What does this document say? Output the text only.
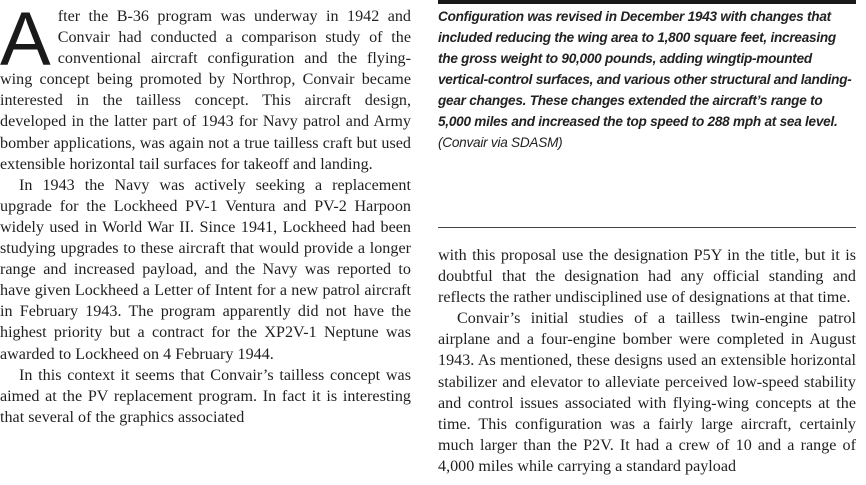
After the B-36 program was underway in 1942 and Convair had conducted a comparison study of the conventional aircraft configuration and the flying-wing concept being promoted by Northrop, Convair became interested in the tailless concept. This aircraft design, developed in the latter part of 1943 for Navy patrol and Army bomber applications, was again not a true tailless craft but used extensible horizontal tail surfaces for takeoff and landing.

In 1943 the Navy was actively seeking a replacement upgrade for the Lockheed PV-1 Ventura and PV-2 Harpoon widely used in World War II. Since 1941, Lockheed had been studying upgrades to these aircraft that would provide a longer range and increased payload, and the Navy was reported to have given Lockheed a Letter of Intent for a new patrol aircraft in February 1943. The program apparently did not have the highest priority but a contract for the XP2V-1 Neptune was awarded to Lockheed on 4 February 1944.

In this context it seems that Convair’s tailless concept was aimed at the PV replacement program. In fact it is interesting that several of the graphics associated

Configuration was revised in December 1943 with changes that included reducing the wing area to 1,800 square feet, increasing the gross weight to 90,000 pounds, adding wingtip-mounted vertical-control surfaces, and various other structural and landing-gear changes. These changes extended the aircraft’s range to 5,000 miles and increased the top speed to 288 mph at sea level. (Convair via SDASM)

with this proposal use the designation P5Y in the title, but it is doubtful that the designation had any official standing and reflects the rather undisciplined use of designations at that time.

Convair’s initial studies of a tailless twin-engine patrol airplane and a four-engine bomber were completed in August 1943. As mentioned, these designs used an extensible horizontal stabilizer and elevator to alleviate perceived low-speed stability and control issues associated with flying-wing concepts at the time. This configuration was a fairly large aircraft, certainly much larger than the P2V. It had a crew of 10 and a range of 4,000 miles while carrying a standard payload
